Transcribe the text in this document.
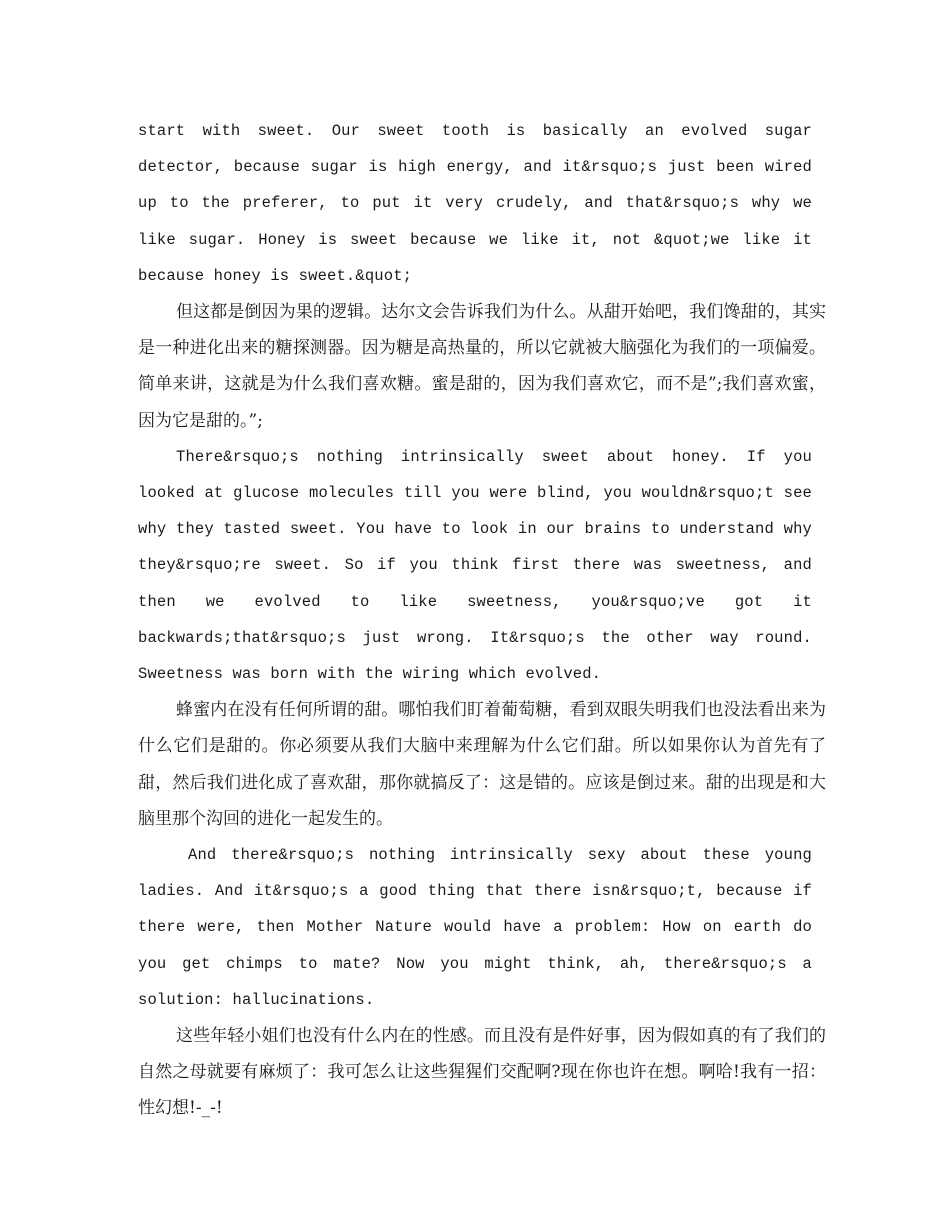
start with sweet. Our sweet tooth is basically an evolved sugar detector, because sugar is high energy, and it&rsquo;s just been wired up to the preferer, to put it very crudely, and that&rsquo;s why we like sugar. Honey is sweet because we like it, not &quot;we like it because honey is sweet.&quot;

但这都是倒因为果的逻辑。达尔文会告诉我们为什么。从甜开始吧，我们馋甜的，其实是一种进化出来的糖探测器。因为糖是高热量的，所以它就被大脑强化为我们的一项偏爱。简单来讲，这就是为什么我们喜欢糖。蜜是甜的，因为我们喜欢它，而不是”;我们喜欢蜜，因为它是甜的。”;

There&rsquo;s nothing intrinsically sweet about honey. If you looked at glucose molecules till you were blind, you wouldn&rsquo;t see why they tasted sweet. You have to look in our brains to understand why they&rsquo;re sweet. So if you think first there was sweetness, and then we evolved to like sweetness, you&rsquo;ve got it backwards;that&rsquo;s just wrong. It&rsquo;s the other way round. Sweetness was born with the wiring which evolved.

蜂蜜内在没有任何所谓的甜。哪怕我们盯着葡萄糖，看到双眼失明我们也没法看出来为什么它们是甜的。你必须要从我们大脑中来理解为什么它们甜。所以如果你认为首先有了甜，然后我们进化成了喜欢甜，那你就搞反了：这是错的。应该是倒过来。甜的出现是和大脑里那个沟回的进化一起发生的。

And there&rsquo;s nothing intrinsically sexy about these young ladies. And it&rsquo;s a good thing that there isn&rsquo;t, because if there were, then Mother Nature would have a problem: How on earth do you get chimps to mate? Now you might think, ah, there&rsquo;s a solution: hallucinations.

这些年轻小姐们也没有什么内在的性感。而且没有是件好事，因为假如真的有了我们的自然之母就要有麻烦了：我可怎么让这些猩猩们交配啊?现在你也许在想。啊哈!我有一招：性幻想!-_-!
